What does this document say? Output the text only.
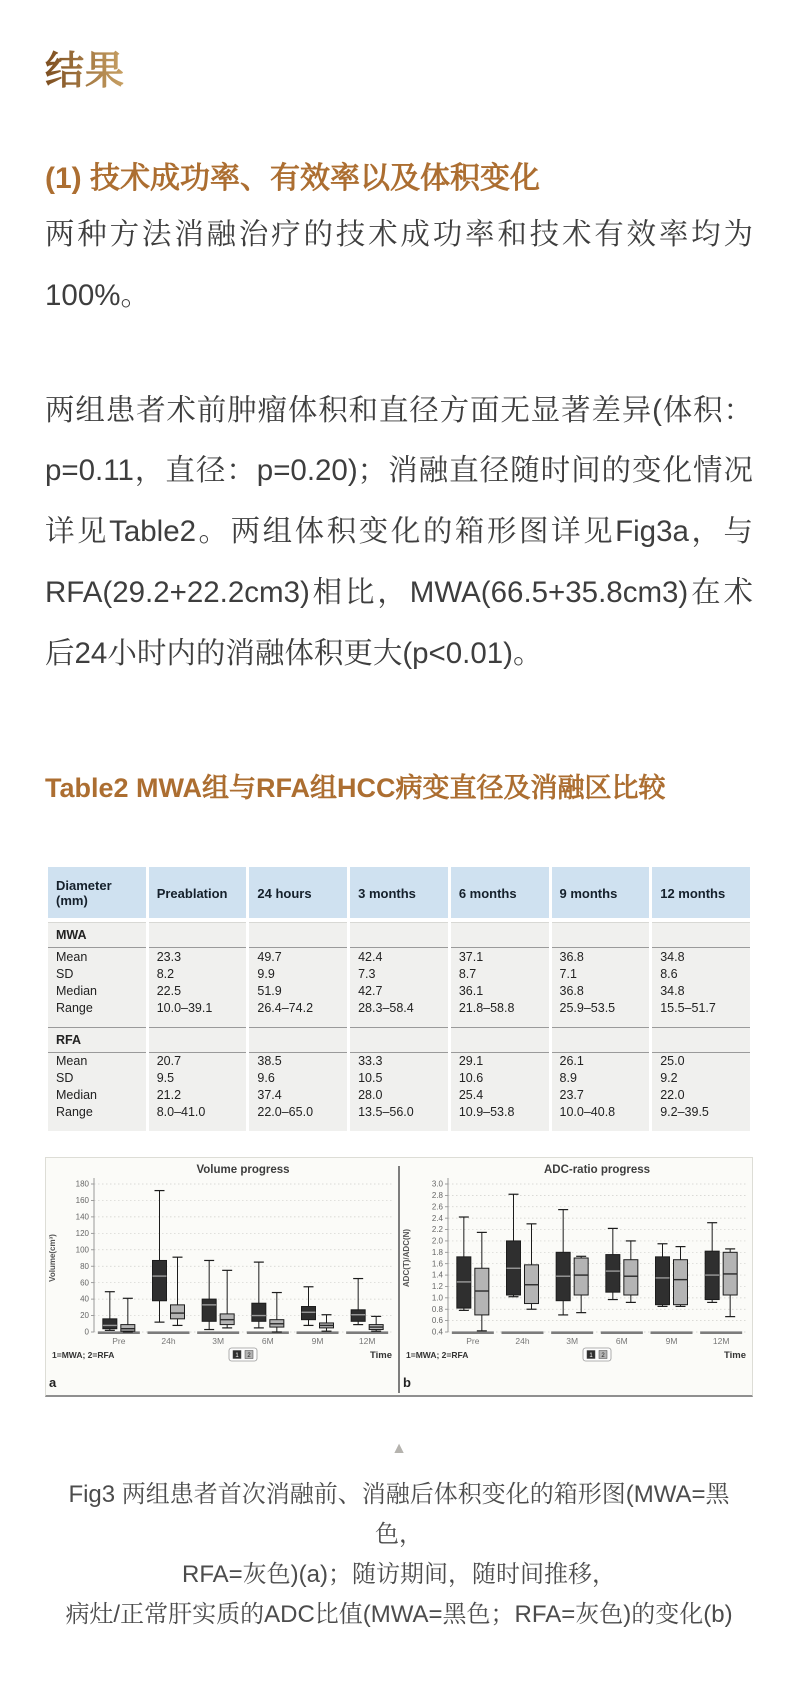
结果
(1) 技术成功率、有效率以及体积变化

两种方法消融治疗的技术成功率和技术有效率均为100%。

两组患者术前肿瘤体积和直径方面无显著差异(体积：p=0.11，直径：p=0.20)；消融直径随时间的变化情况详见Table2。两组体积变化的箱形图详见Fig3a，与RFA(29.2+22.2cm3)相比，MWA(66.5+35.8cm3)在术后24小时内的消融体积更大(p<0.01)。

Table2 MWA组与RFA组HCC病变直径及消融区比较
Diameter (mm)	Preablation	24 hours	3 months	6 months	9 months	12 months
MWA						
Mean	23.3	49.7	42.4	37.1	36.8	34.8
SD	8.2	9.9	7.3	8.7	7.1	8.6
Median	22.5	51.9	42.7	36.1	36.8	34.8
Range	10.0–39.1	26.4–74.2	28.3–58.4	21.8–58.8	25.9–53.5	15.5–51.7
RFA						
Mean	20.7	38.5	33.3	29.1	26.1	25.0
SD	9.5	9.6	10.5	10.6	8.9	9.2
Median	21.2	37.4	28.0	25.4	23.7	22.0
Range	8.0–41.0	22.0–65.0	13.5–56.0	10.9–53.8	10.0–40.8	9.2–39.5
180
160
140
120
100
80
60
40
20
0
Volume progress
Volume(cm³)
Pre	24h	3M	6M	9M	12M
1=MWA; 2=RFA	1 2	Time
a
3.0
2.8
2.6
2.4
2.2
2.0
1.8
1.6
1.4
1.2
1.0
0.8
0.6
0.4
ADC-ratio progress
ADC(T)/ADC(N)
Pre	24h	3M	6M	9M	12M
1=MWA; 2=RFA	1 2	Time
b
▲

Fig3 两组患者首次消融前、消融后体积变化的箱形图(MWA=黑色，
RFA=灰色)(a)；随访期间，随时间推移，
病灶/正常肝实质的ADC比值(MWA=黑色；RFA=灰色)的变化(b)
